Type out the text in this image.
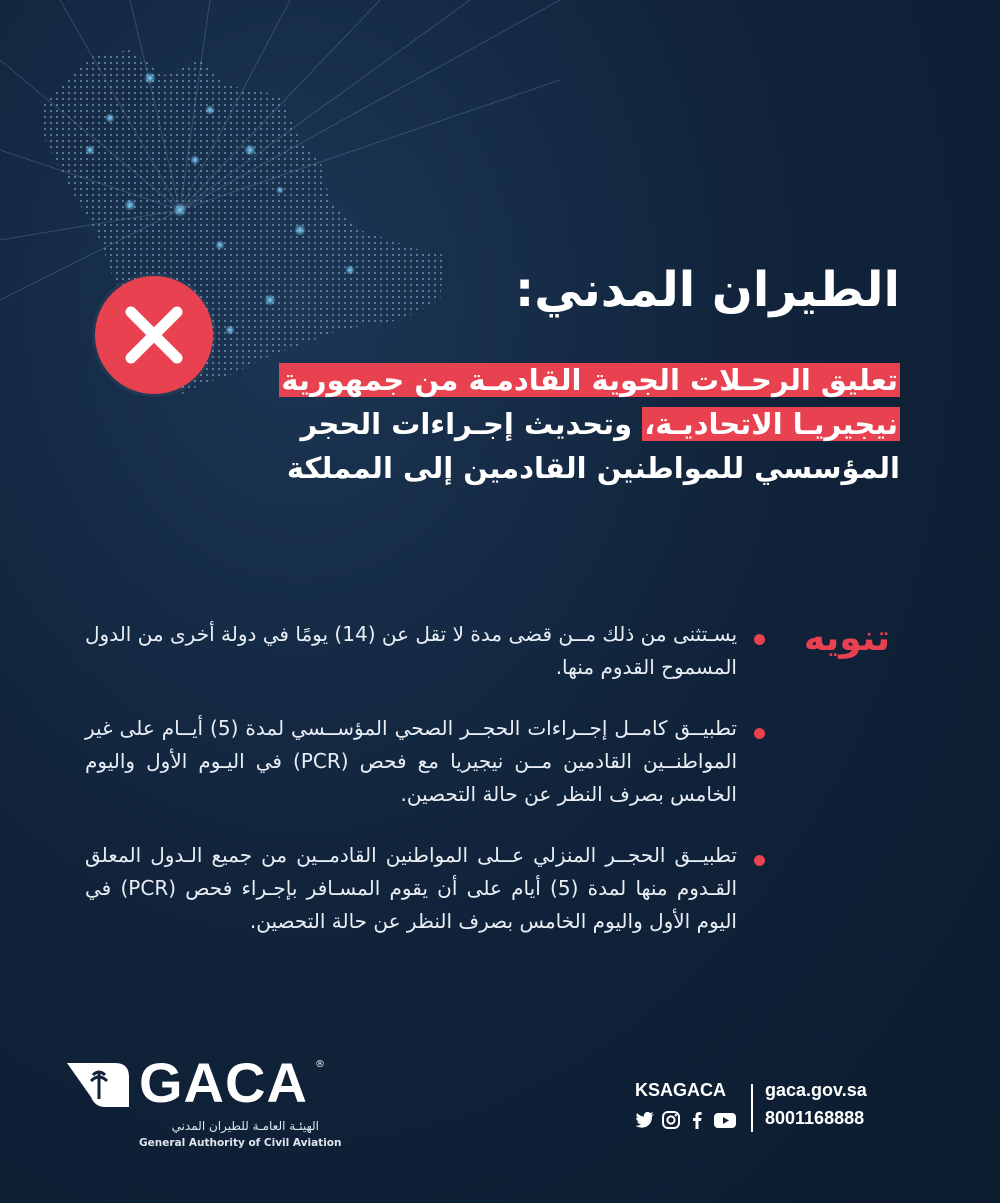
الطيران المدني:
تعليق الرحـلات الجوية القادمـة من جمهورية
نيجيريـا الاتحاديـة، وتحديث إجـراءات الحجر
المؤسسي للمواطنين القادمين إلى المملكة
تنويه
يسـتثنى من ذلك مــن قضى مدة لا تقل عن (14) يومًا في دولة أخرى من الدول المسموح القدوم منها.
تطبيــق كامــل إجــراءات الحجــر الصحي المؤســسي لمدة (5) أيــام على غير المواطنــين القادمين مــن نيجيريا مع فحص (PCR) في اليـوم الأول واليوم الخامس بصرف النظر عن حالة التحصين.
تطبيــق الحجــر المنزلي عــلى المواطنين القادمــين من جميع الـدول المعلق القـدوم منها لمدة (5) أيام على أن يقوم المسـافر بإجـراء فحص (PCR) في اليوم الأول واليوم الخامس بصرف النظر عن حالة التحصين.
GACA ®
الهيئـة العامـة للطيران المدني
General Authority of Civil Aviation
KSAGACA gaca.gov.sa
8001168888
